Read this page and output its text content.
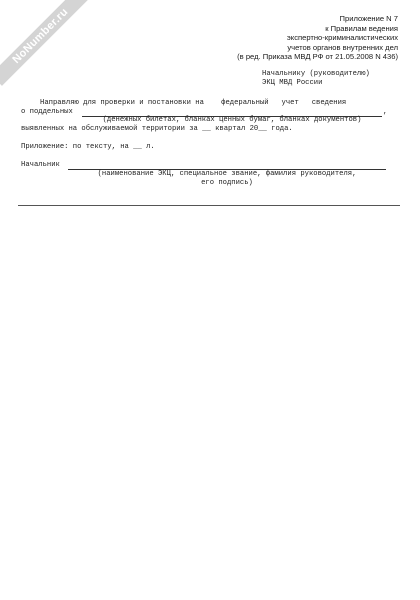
NoNumber.ru	Приложение N 7
к Правилам ведения
экспертно-криминалистических
учетов органов внутренних дел
(в ред. Приказа МВД РФ от 21.05.2008 N 436)
Начальнику (руководителю)
ЭКЦ МВД России
Направляю для проверки и постановки на    федеральный   учет   сведения
о поддельных	,
(денежных билетах, бланках ценных бумаг, бланках документов)
выявленных на обслуживаемой территории за __ квартал 20__ года.
Приложение: по тексту, на __ л.
Начальник
(наименование ЭКЦ, специальное звание, фамилия руководителя,
его подпись)
